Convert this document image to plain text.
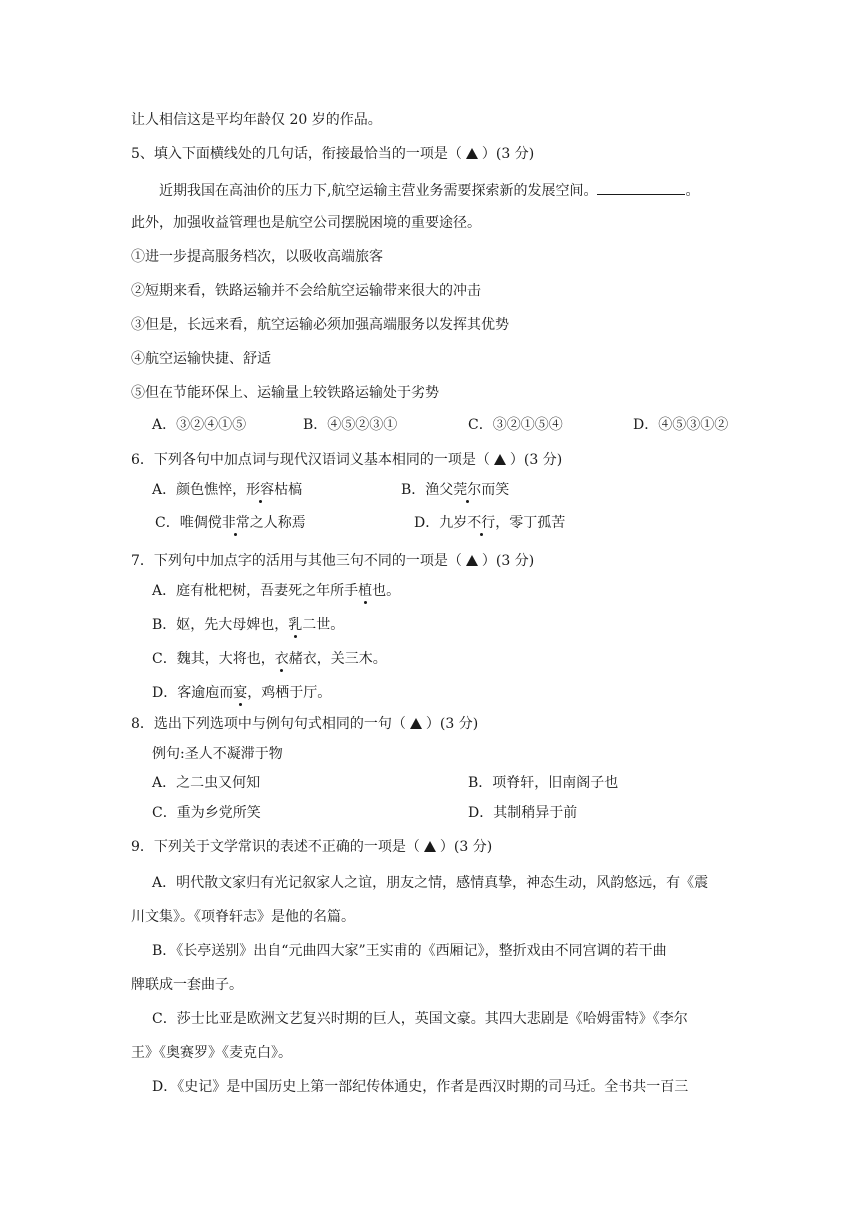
让人相信这是平均年龄仅 20 岁的作品。
5、填入下面横线处的几句话，衔接最恰当的一项是（ ）(3 分)
近期我国在高油价的压力下,航空运输主营业务需要探索新的发展空间。	。
此外，加强收益管理也是航空公司摆脱困境的重要途径。
①进一步提高服务档次，以吸收高端旅客
②短期来看，铁路运输并不会给航空运输带来很大的冲击
③但是，长远来看，航空运输必须加强高端服务以发挥其优势
④航空运输快捷、舒适
⑤但在节能环保上、运输量上较铁路运输处于劣势
A．③②④①⑤	B．④⑤②③①	C．③②①⑤④	D．④⑤③①②
6．下列各句中加点词与现代汉语词义基本相同的一项是（ ）(3 分)
A．颜色憔悴，形容枯槁	B．渔父莞尔而笑
C．唯倜傥非常之人称焉	D．九岁不行，零丁孤苦
7．下列句中加点字的活用与其他三句不同的一项是（ ）(3 分)
A．庭有枇杷树，吾妻死之年所手植也。
B．妪，先大母婢也，乳二世。
C．魏其，大将也，衣赭衣，关三木。
D．客逾庖而宴，鸡栖于厅。
8．选出下列选项中与例句句式相同的一句（ ）(3 分)
例句:圣人不凝滞于物
A．之二虫又何知	B．项脊轩，旧南阁子也
C．重为乡党所笑	D．其制稍异于前
9．下列关于文学常识的表述不正确的一项是（ ）(3 分)
A．明代散文家归有光记叙家人之谊，朋友之情，感情真挚，神态生动，风韵悠远，有《震
川文集》。《项脊轩志》是他的名篇。
B．《长亭送别》出自“元曲四大家”王实甫的《西厢记》，整折戏由不同宫调的若干曲
牌联成一套曲子。
C．莎士比亚是欧洲文艺复兴时期的巨人，英国文豪。其四大悲剧是《哈姆雷特》《李尔
王》《奥赛罗》《麦克白》。
D．《史记》是中国历史上第一部纪传体通史，作者是西汉时期的司马迁。全书共一百三
